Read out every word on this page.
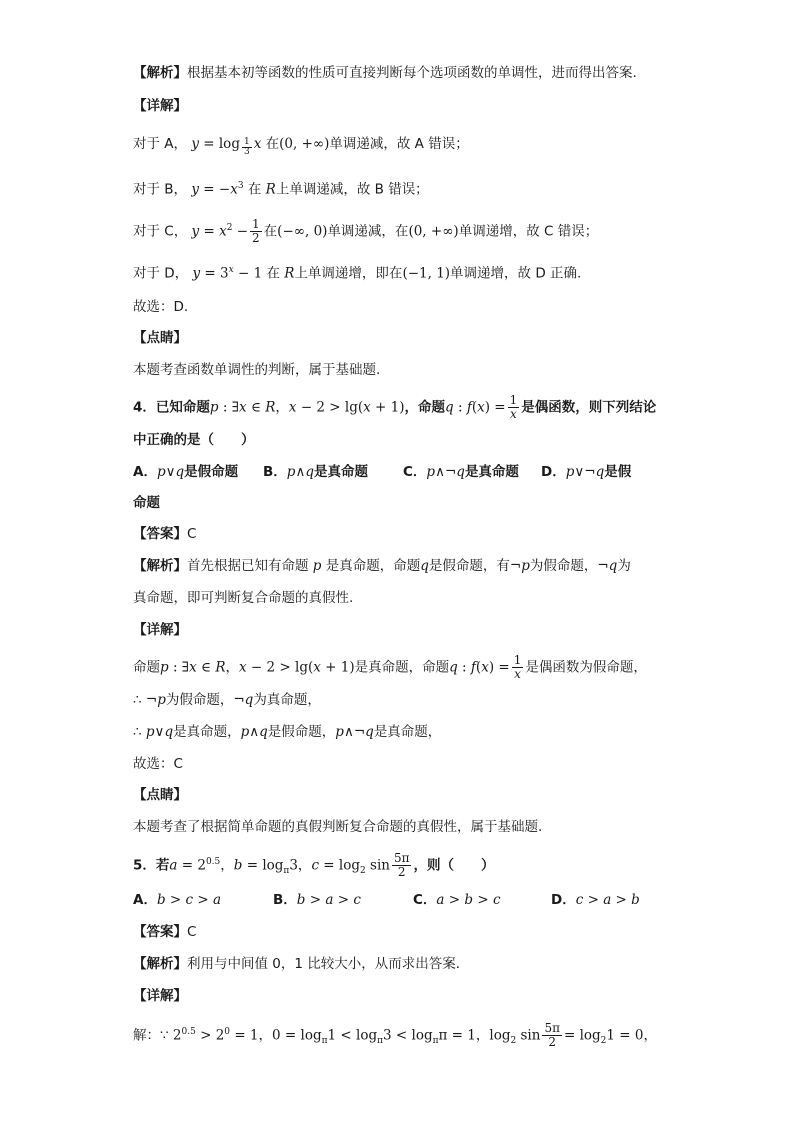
【解析】根据基本初等函数的性质可直接判断每个选项函数的单调性，进而得出答案.
【详解】
对于 A， $y = \log \frac{1}{3}$ x 在(0, +∞)单调递减，故 A 错误；
对于 B， $y = -x^3$ 在 R上单调递减，故 B 错误；
对于 C， $y = x^2 - \frac{1}{2}$ 在(−∞, 0)单调递减，在(0, +∞)单调递增，故 C 错误；
对于 D， $y = 3^x - 1$ 在 R上单调递增，即在(−1, 1)单调递增，故 D 正确.
故选：D.
【点睛】
本题考查函数单调性的判断，属于基础题.
4．已知命题p : ∃x ∈ R，x − 2 > lg(x + 1)，命题q : $f(x) = \frac{1}{x}$ 是偶函数，则下列结论
中正确的是（　　）
A．p∨q是假命题 B．p∧q是真命题	C．p∧¬q是真命题 D．p∨¬q是假
命题
【答案】C
【解析】首先根据已知有命题 p 是真命题，命题q是假命题，有¬p为假命题，¬q为
真命题，即可判断复合命题的真假性.
【详解】
命题p : ∃x ∈ R，x − 2 > lg(x + 1)是真命题，命题q : $f(x) = \frac{1}{x}$ 是偶函数为假命题，
∴ ¬p为假命题，¬q为真命题，
∴ p∨q是真命题，p∧q是假命题，p∧¬q是真命题，
故选：C
【点睛】
本题考查了根据简单命题的真假判断复合命题的真假性，属于基础题.
5．若$a = 2^{0.5}$，$b = \log_\pi 3$，$c = \log_2 \sin \frac{5\pi}{2}$ ，则（　　）
A．b > c > a	B．b > a > c	C．a > b > c	D．c > a > b
【答案】C
【解析】利用与中间值 0，1 比较大小，从而求出答案．
【详解】
解：∵ $2^{0.5} > 2^0 = 1$，$0 = \log_\pi 1 < \log_\pi 3 < \log_\pi\pi = 1$，$\log_2 \sin \frac{5\pi}{2} = \log_21 = 0$，
